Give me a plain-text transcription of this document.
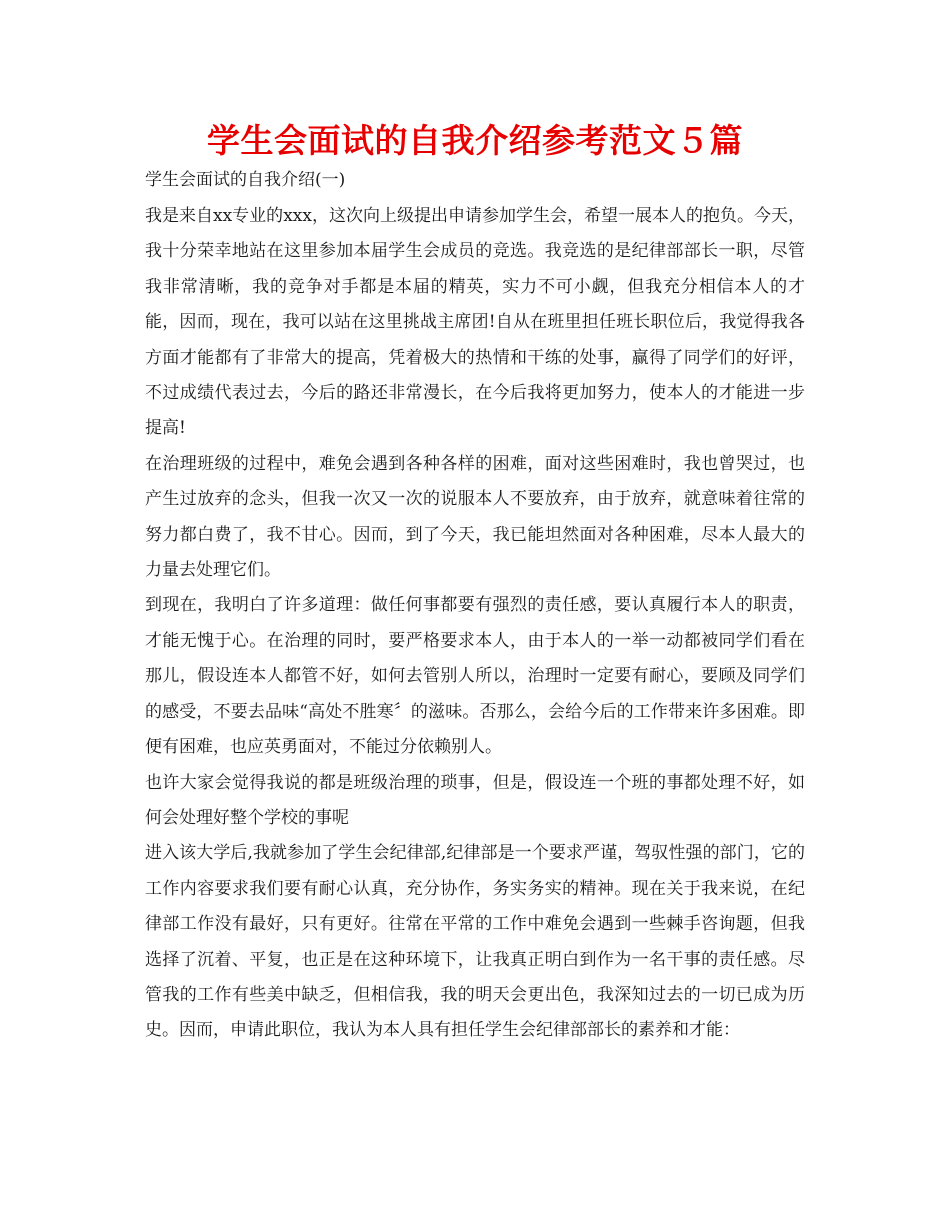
学生会面试的自我介绍参考范文５篇

学生会面试的自我介绍(一)

我是来自xx专业的xxx，这次向上级提出申请参加学生会，希望一展本人的抱负。今天，我十分荣幸地站在这里参加本届学生会成员的竞选。我竞选的是纪律部部长一职，尽管我非常清晰，我的竞争对手都是本届的精英，实力不可小觑，但我充分相信本人的才能，因而，现在，我可以站在这里挑战主席团!自从在班里担任班长职位后，我觉得我各方面才能都有了非常大的提高，凭着极大的热情和干练的处事，赢得了同学们的好评，不过成绩代表过去，今后的路还非常漫长，在今后我将更加努力，使本人的才能进一步提高!

在治理班级的过程中，难免会遇到各种各样的困难，面对这些困难时，我也曾哭过，也产生过放弃的念头，但我一次又一次的说服本人不要放弃，由于放弃，就意味着往常的努力都白费了，我不甘心。因而，到了今天，我已能坦然面对各种困难，尽本人最大的力量去处理它们。

到现在，我明白了许多道理：做任何事都要有强烈的责任感，要认真履行本人的职责，才能无愧于心。在治理的同时，要严格要求本人，由于本人的一举一动都被同学们看在那儿，假设连本人都管不好，如何去管别人所以，治理时一定要有耐心，要顾及同学们的感受，不要去品味“高处不胜寒〞的滋味。否那么，会给今后的工作带来许多困难。即便有困难，也应英勇面对，不能过分依赖别人。

也许大家会觉得我说的都是班级治理的琐事，但是，假设连一个班的事都处理不好，如何会处理好整个学校的事呢

进入该大学后,我就参加了学生会纪律部,纪律部是一个要求严谨，驾驭性强的部门，它的工作内容要求我们要有耐心认真，充分协作，务实务实的精神。现在关于我来说，在纪律部工作没有最好，只有更好。往常在平常的工作中难免会遇到一些棘手咨询题，但我选择了沉着、平复，也正是在这种环境下，让我真正明白到作为一名干事的责任感。尽管我的工作有些美中缺乏，但相信我，我的明天会更出色，我深知过去的一切已成为历史。因而，申请此职位，我认为本人具有担任学生会纪律部部长的素养和才能：
